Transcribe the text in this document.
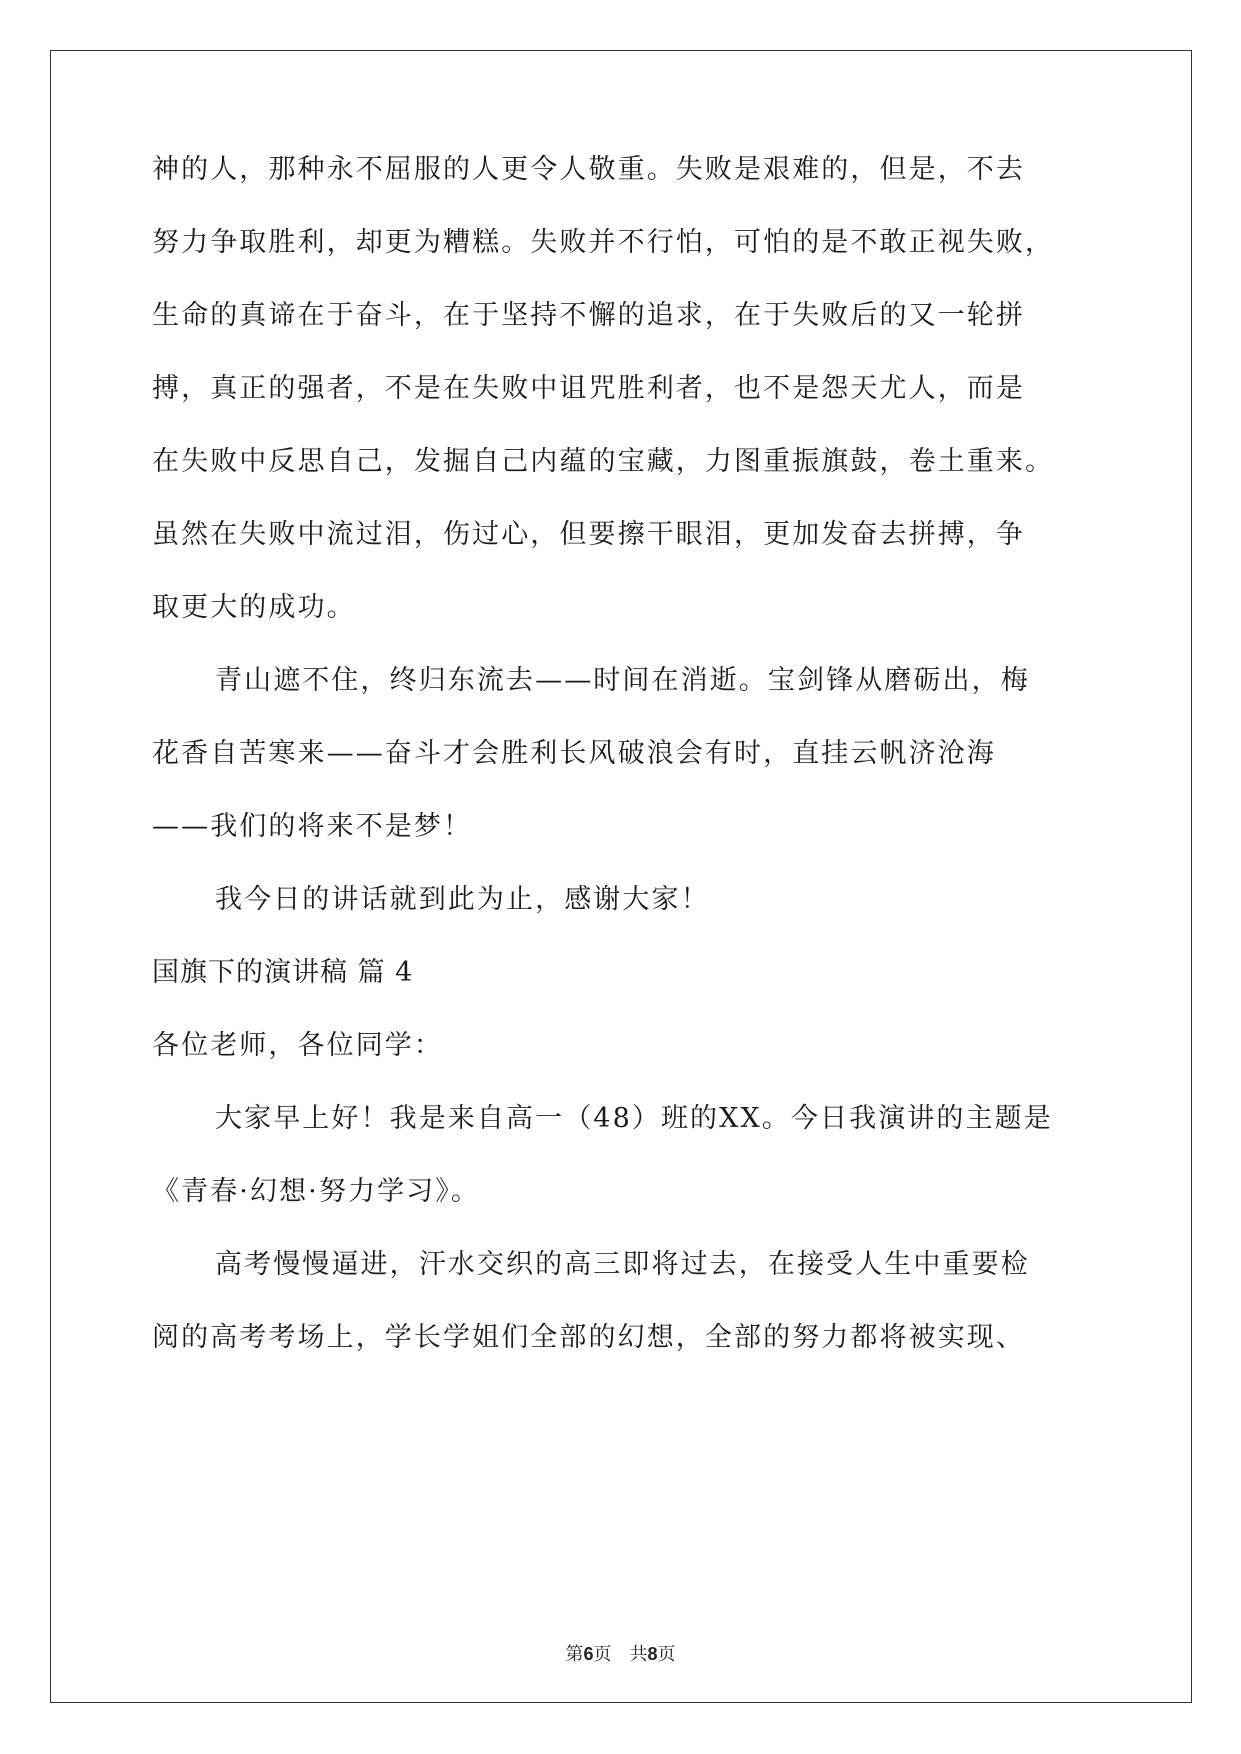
神的人，那种永不屈服的人更令人敬重。失败是艰难的，但是，不去

努力争取胜利，却更为糟糕。失败并不行怕，可怕的是不敢正视失败，

生命的真谛在于奋斗，在于坚持不懈的追求，在于失败后的又一轮拼

搏，真正的强者，不是在失败中诅咒胜利者，也不是怨天尤人，而是

在失败中反思自己，发掘自己内蕴的宝藏，力图重振旗鼓，卷土重来。

虽然在失败中流过泪，伤过心，但要擦干眼泪，更加发奋去拼搏，争

取更大的成功。

青山遮不住，终归东流去——时间在消逝。宝剑锋从磨砺出，梅

花香自苦寒来——奋斗才会胜利长风破浪会有时，直挂云帆济沧海

——我们的将来不是梦！

我今日的讲话就到此为止，感谢大家！

国旗下的演讲稿 篇 4

各位老师，各位同学：

大家早上好！我是来自高一（48）班的XX。今日我演讲的主题是

《青春·幻想·努力学习》。

高考慢慢逼进，汗水交织的高三即将过去，在接受人生中重要检

阅的高考考场上，学长学姐们全部的幻想，全部的努力都将被实现、

第6页　共8页
